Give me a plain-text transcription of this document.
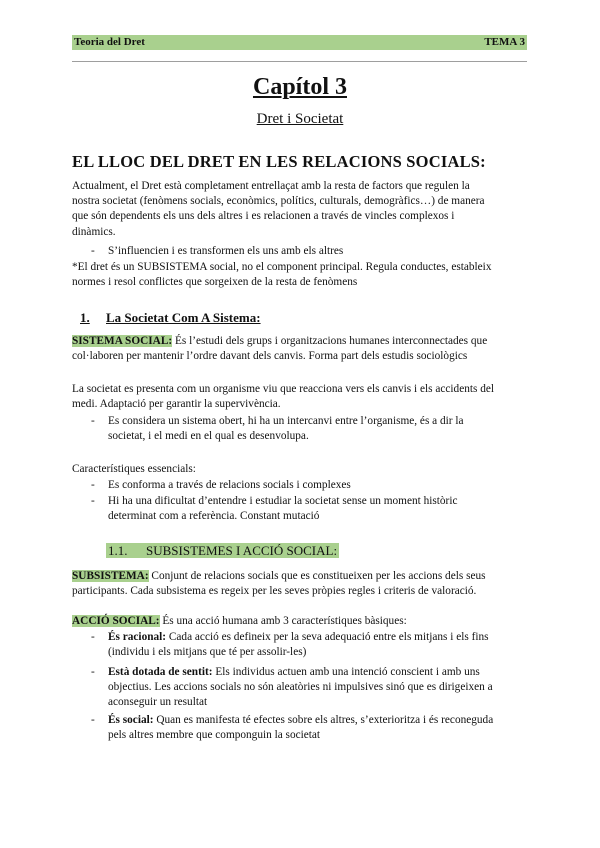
Teoria del Dret	TEMA 3
Capítol 3
Dret i Societat
EL LLOC DEL DRET EN LES RELACIONS SOCIALS:
Actualment, el Dret està completament entrellaçat amb la resta de factors que regulen la
nostra societat (fenòmens socials, econòmics, polítics, culturals, demogràfics…) de manera
que són dependents els uns dels altres i es relacionen a través de vincles complexos i
dinàmics.
- S’influencien i es transformen els uns amb els altres
*El dret és un SUBSISTEMA social, no el component principal. Regula conductes, estableix
normes i resol conflictes que sorgeixen de la resta de fenòmens
1. La Societat Com A Sistema:
SISTEMA SOCIAL: És l’estudi dels grups i organitzacions humanes interconnectades que
col·laboren per mantenir l’ordre davant dels canvis. Forma part dels estudis sociològics
La societat es presenta com un organisme viu que reacciona vers els canvis i els accidents del
medi. Adaptació per garantir la supervivència.
- Es considera un sistema obert, hi ha un intercanvi entre l’organisme, és a dir la
societat, i el medi en el qual es desenvolupa.
Característiques essencials:
- Es conforma a través de relacions socials i complexes
- Hi ha una dificultat d’entendre i estudiar la societat sense un moment històric
determinat com a referència. Constant mutació
1.1. SUBSISTEMES I ACCIÓ SOCIAL:
SUBSISTEMA: Conjunt de relacions socials que es constitueixen per les accions dels seus
participants. Cada subsistema es regeix per les seves pròpies regles i criteris de valoració.
ACCIÓ SOCIAL: És una acció humana amb 3 característiques bàsiques:
- És racional: Cada acció es defineix per la seva adequació entre els mitjans i els fins
(individu i els mitjans que té per assolir-les)
- Està dotada de sentit: Els individus actuen amb una intenció conscient i amb uns
objectius. Les accions socials no són aleatòries ni impulsives sinó que es dirigeixen a
aconseguir un resultat
- És social: Quan es manifesta té efectes sobre els altres, s’exterioritza i és reconeguda
pels altres membre que componguin la societat
